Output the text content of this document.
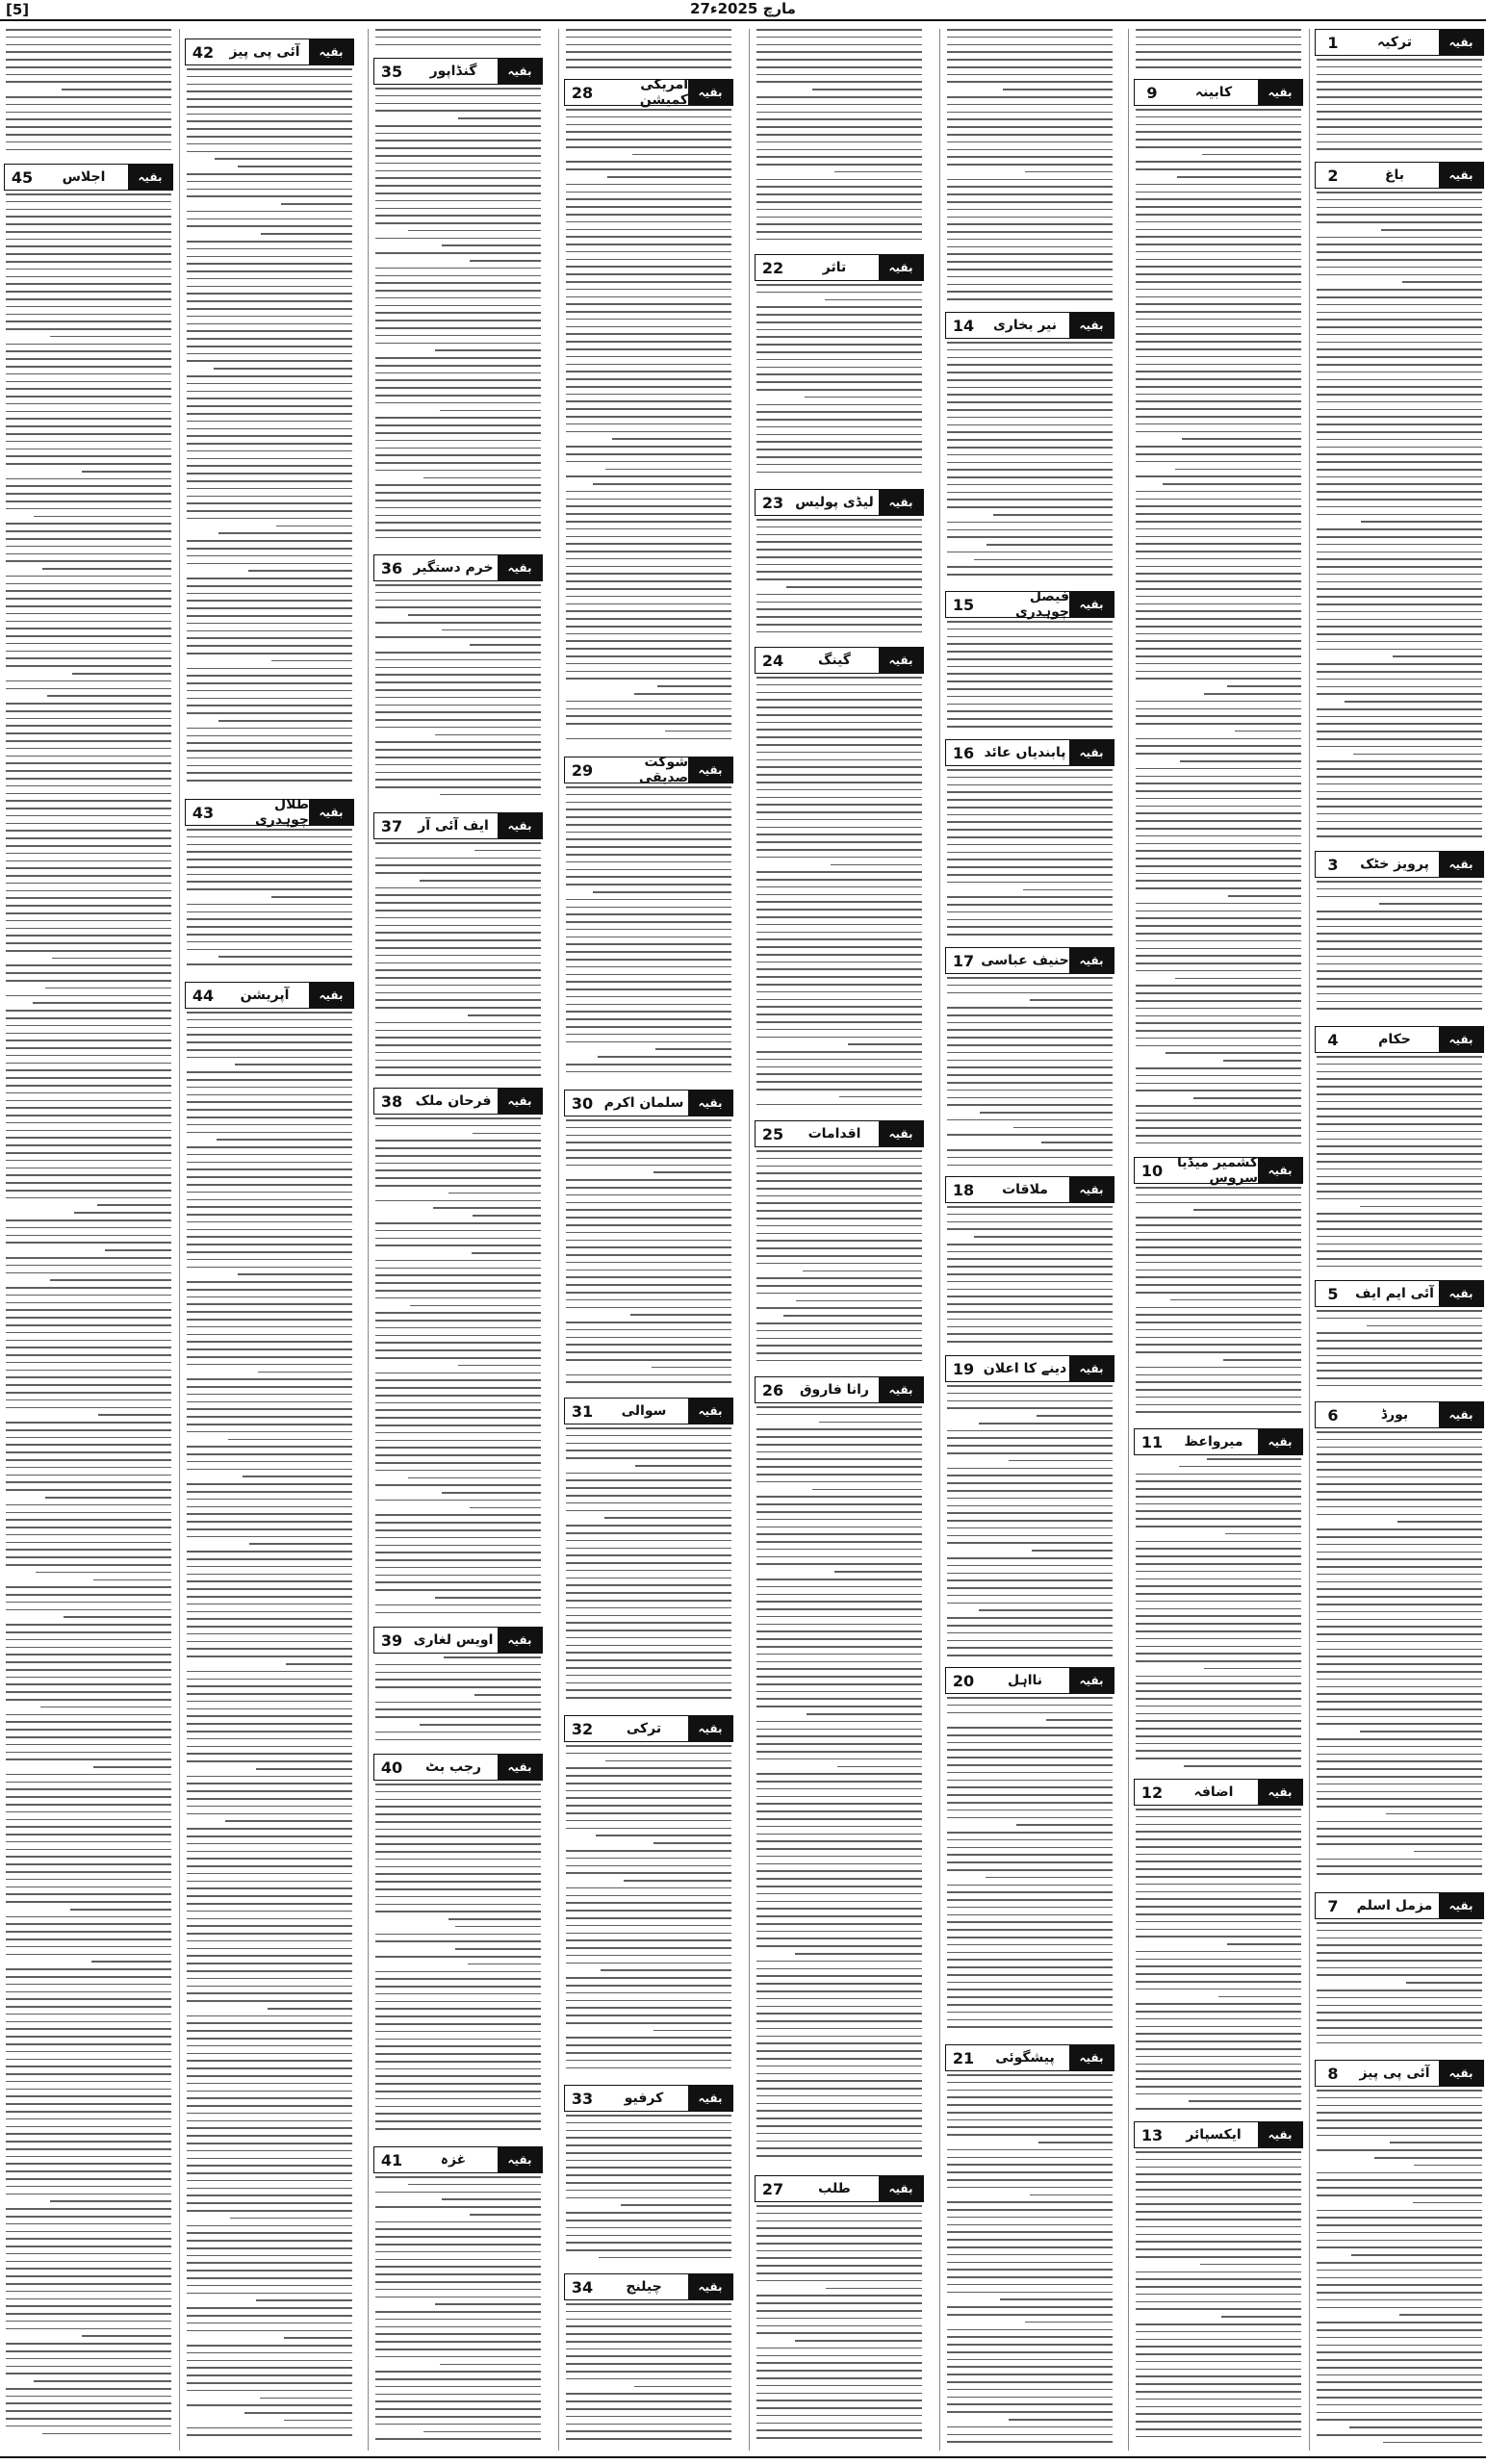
[5]	27مارچ 2025ء
1	ترکیہ	بقیہ
2	باغ	بقیہ
3	پرویز خٹک	بقیہ
4	حکام	بقیہ
5	آئی ایم ایف	بقیہ
6	بورڈ	بقیہ
7	مزمل اسلم	بقیہ
8	آئی پی پیز	بقیہ
9	کابینہ	بقیہ
10	کشمیر میڈیا سروس بقیہ
11	میرواعظ	بقیہ
12	اضافہ	بقیہ
13	ایکسپائر	بقیہ
14	نیر بخاری	بقیہ
15	فیصل چوہدری بقیہ
16 پابندیاں عائد	بقیہ
17 حنیف عباسی بقیہ
18	ملاقات	بقیہ
19 دینے کا اعلان	بقیہ
20	نااہل	بقیہ
21	پیشگوئی	بقیہ
22	تاثر	بقیہ
23 لیڈی پولیس	بقیہ
24	گینگ	بقیہ
25	اقدامات	بقیہ
26	رانا فاروق	بقیہ
27	طلب	بقیہ
28	امریکی کمیشن بقیہ
29	شوکت صدیقی بقیہ
30 سلمان اکرم	بقیہ
31	سوالی	بقیہ
32	ترکی	بقیہ
33	کرفیو	بقیہ
34	چیلنج	بقیہ
35	گنڈاپور	بقیہ
36 خرم دستگیر	بقیہ
37	ایف آئی آر	بقیہ
38 فرحان ملک	بقیہ
39 اویس لغاری	بقیہ
40	رجب بٹ	بقیہ
41	غزہ	بقیہ
42	آئی پی پیز	بقیہ
43	طلال چوہدری بقیہ
44	آپریشن	بقیہ
45	اجلاس	بقیہ
